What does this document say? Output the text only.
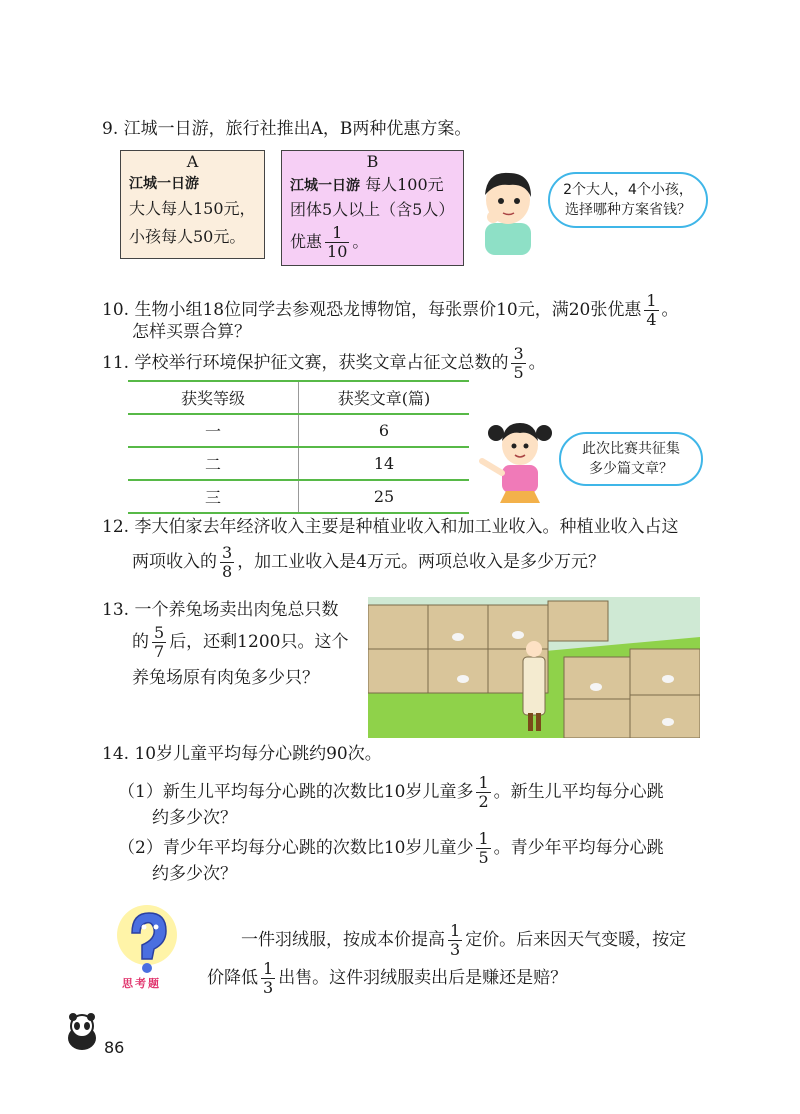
9. 江城一日游，旅行社推出A，B两种优惠方案。
A
江城一日游
大人每人150元，
小孩每人50元。
B
江城一日游 每人100元
团体5人以上（含5人）
优惠 $\frac{1}{10}$ 。
2个大人，4个小孩，
选择哪种方案省钱？
10. 生物小组18位同学去参观恐龙博物馆，每张票价10元，满20张优惠 $\frac{1}{4}$ 。
怎样买票合算？
11. 学校举行环境保护征文赛，获奖文章占征文总数的 $\frac{3}{5}$ 。
获奖等级	获奖文章(篇)
一	6
二	14
三	25
此次比赛共征集
多少篇文章？
12. 李大伯家去年经济收入主要是种植业收入和加工业收入。种植业收入占这
两项收入的 $\frac{3}{8}$ ，加工业收入是4万元。两项总收入是多少万元？
13. 一个养兔场卖出肉兔总只数
的 $\frac{5}{7}$ 后，还剩1200只。这个
养兔场原有肉兔多少只？
14. 10岁儿童平均每分心跳约90次。
（1）新生儿平均每分心跳的次数比10岁儿童多 $\frac{1}{2}$ 。新生儿平均每分心跳
约多少次？
（2）青少年平均每分心跳的次数比10岁儿童少 $\frac{1}{5}$ 。青少年平均每分心跳
约多少次？
思考题
一件羽绒服，按成本价提高 $\frac{1}{3}$ 定价。后来因天气变暖，按定
价降低 $\frac{1}{3}$ 出售。这件羽绒服卖出后是赚还是赔？
86
